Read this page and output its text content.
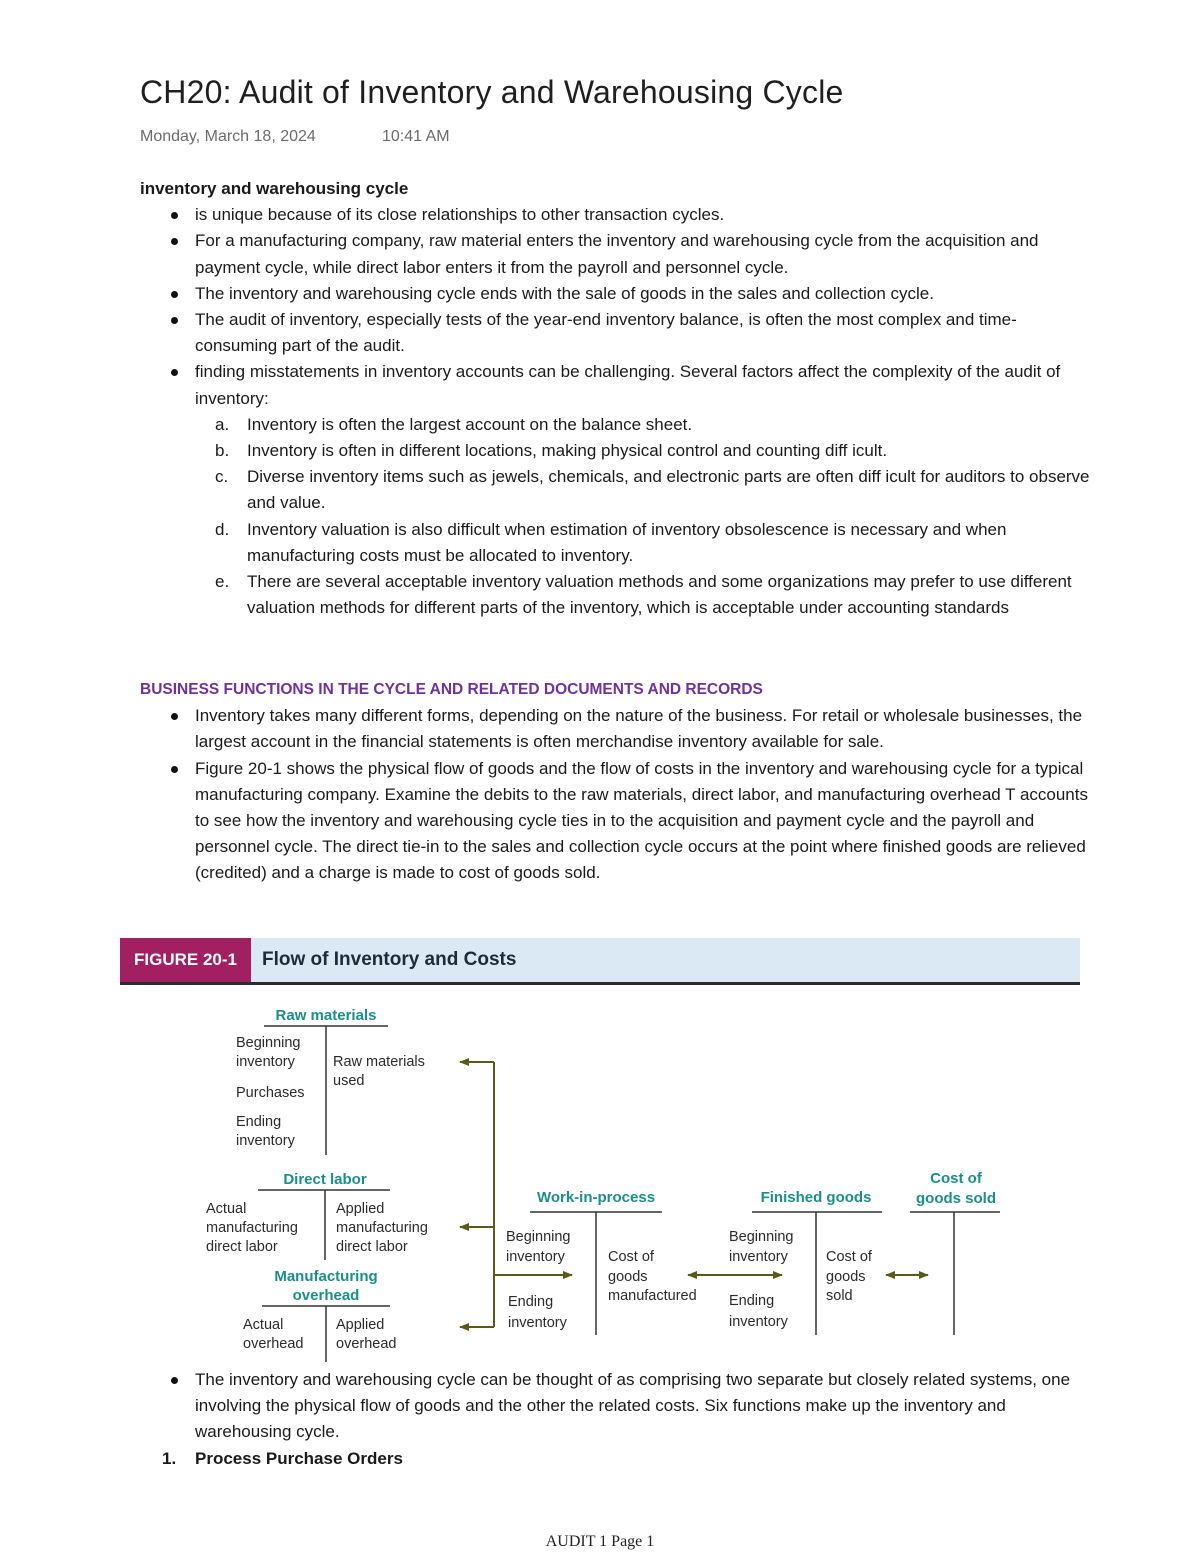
CH20: Audit of Inventory and Warehousing Cycle
Monday, March 18, 2024	10:41 AM
inventory and warehousing cycle
is unique because of its close relationships to other transaction cycles.
For a manufacturing company, raw material enters the inventory and warehousing cycle from the acquisition and payment cycle, while direct labor enters it from the payroll and personnel cycle.
The inventory and warehousing cycle ends with the sale of goods in the sales and collection cycle.
The audit of inventory, especially tests of the year-end inventory balance, is often the most complex and time-consuming part of the audit.
finding misstatements in inventory accounts can be challenging. Several factors affect the complexity of the audit of inventory:
a. Inventory is often the largest account on the balance sheet.
b. Inventory is often in different locations, making physical control and counting diff icult.
c. Diverse inventory items such as jewels, chemicals, and electronic parts are often diff icult for auditors to observe and value.
d. Inventory valuation is also difficult when estimation of inventory obsolescence is necessary and when manufacturing costs must be allocated to inventory.
e. There are several acceptable inventory valuation methods and some organizations may prefer to use different valuation methods for different parts of the inventory, which is acceptable under accounting standards
BUSINESS FUNCTIONS IN THE CYCLE AND RELATED DOCUMENTS AND RECORDS
Inventory takes many different forms, depending on the nature of the business. For retail or wholesale businesses, the largest account in the financial statements is often merchandise inventory available for sale.
Figure 20-1 shows the physical flow of goods and the flow of costs in the inventory and warehousing cycle for a typical manufacturing company. Examine the debits to the raw materials, direct labor, and manufacturing overhead T accounts to see how the inventory and warehousing cycle ties in to the acquisition and payment cycle and the payroll and personnel cycle. The direct tie-in to the sales and collection cycle occurs at the point where finished goods are relieved (credited) and a charge is made to cost of goods sold.
FIGURE 20-1	Flow of Inventory and Costs
Raw materials
Beginning
inventory
Purchases
Ending
inventory
Raw materials
used
Direct labor
Actual
manufacturing
direct labor
Applied
manufacturing
direct labor
Manufacturing
overhead
Actual
overhead
Applied
overhead
Work-in-process
Beginning
inventory
Ending
inventory
Cost of
goods
manufactured
Finished goods
Beginning
inventory
Ending
inventory
Cost of
goods
sold
Cost of
goods sold
The inventory and warehousing cycle can be thought of as comprising two separate but closely related systems, one involving the physical flow of goods and the other the related costs. Six functions make up the inventory and warehousing cycle.
1. Process Purchase Orders
AUDIT 1 Page 1
